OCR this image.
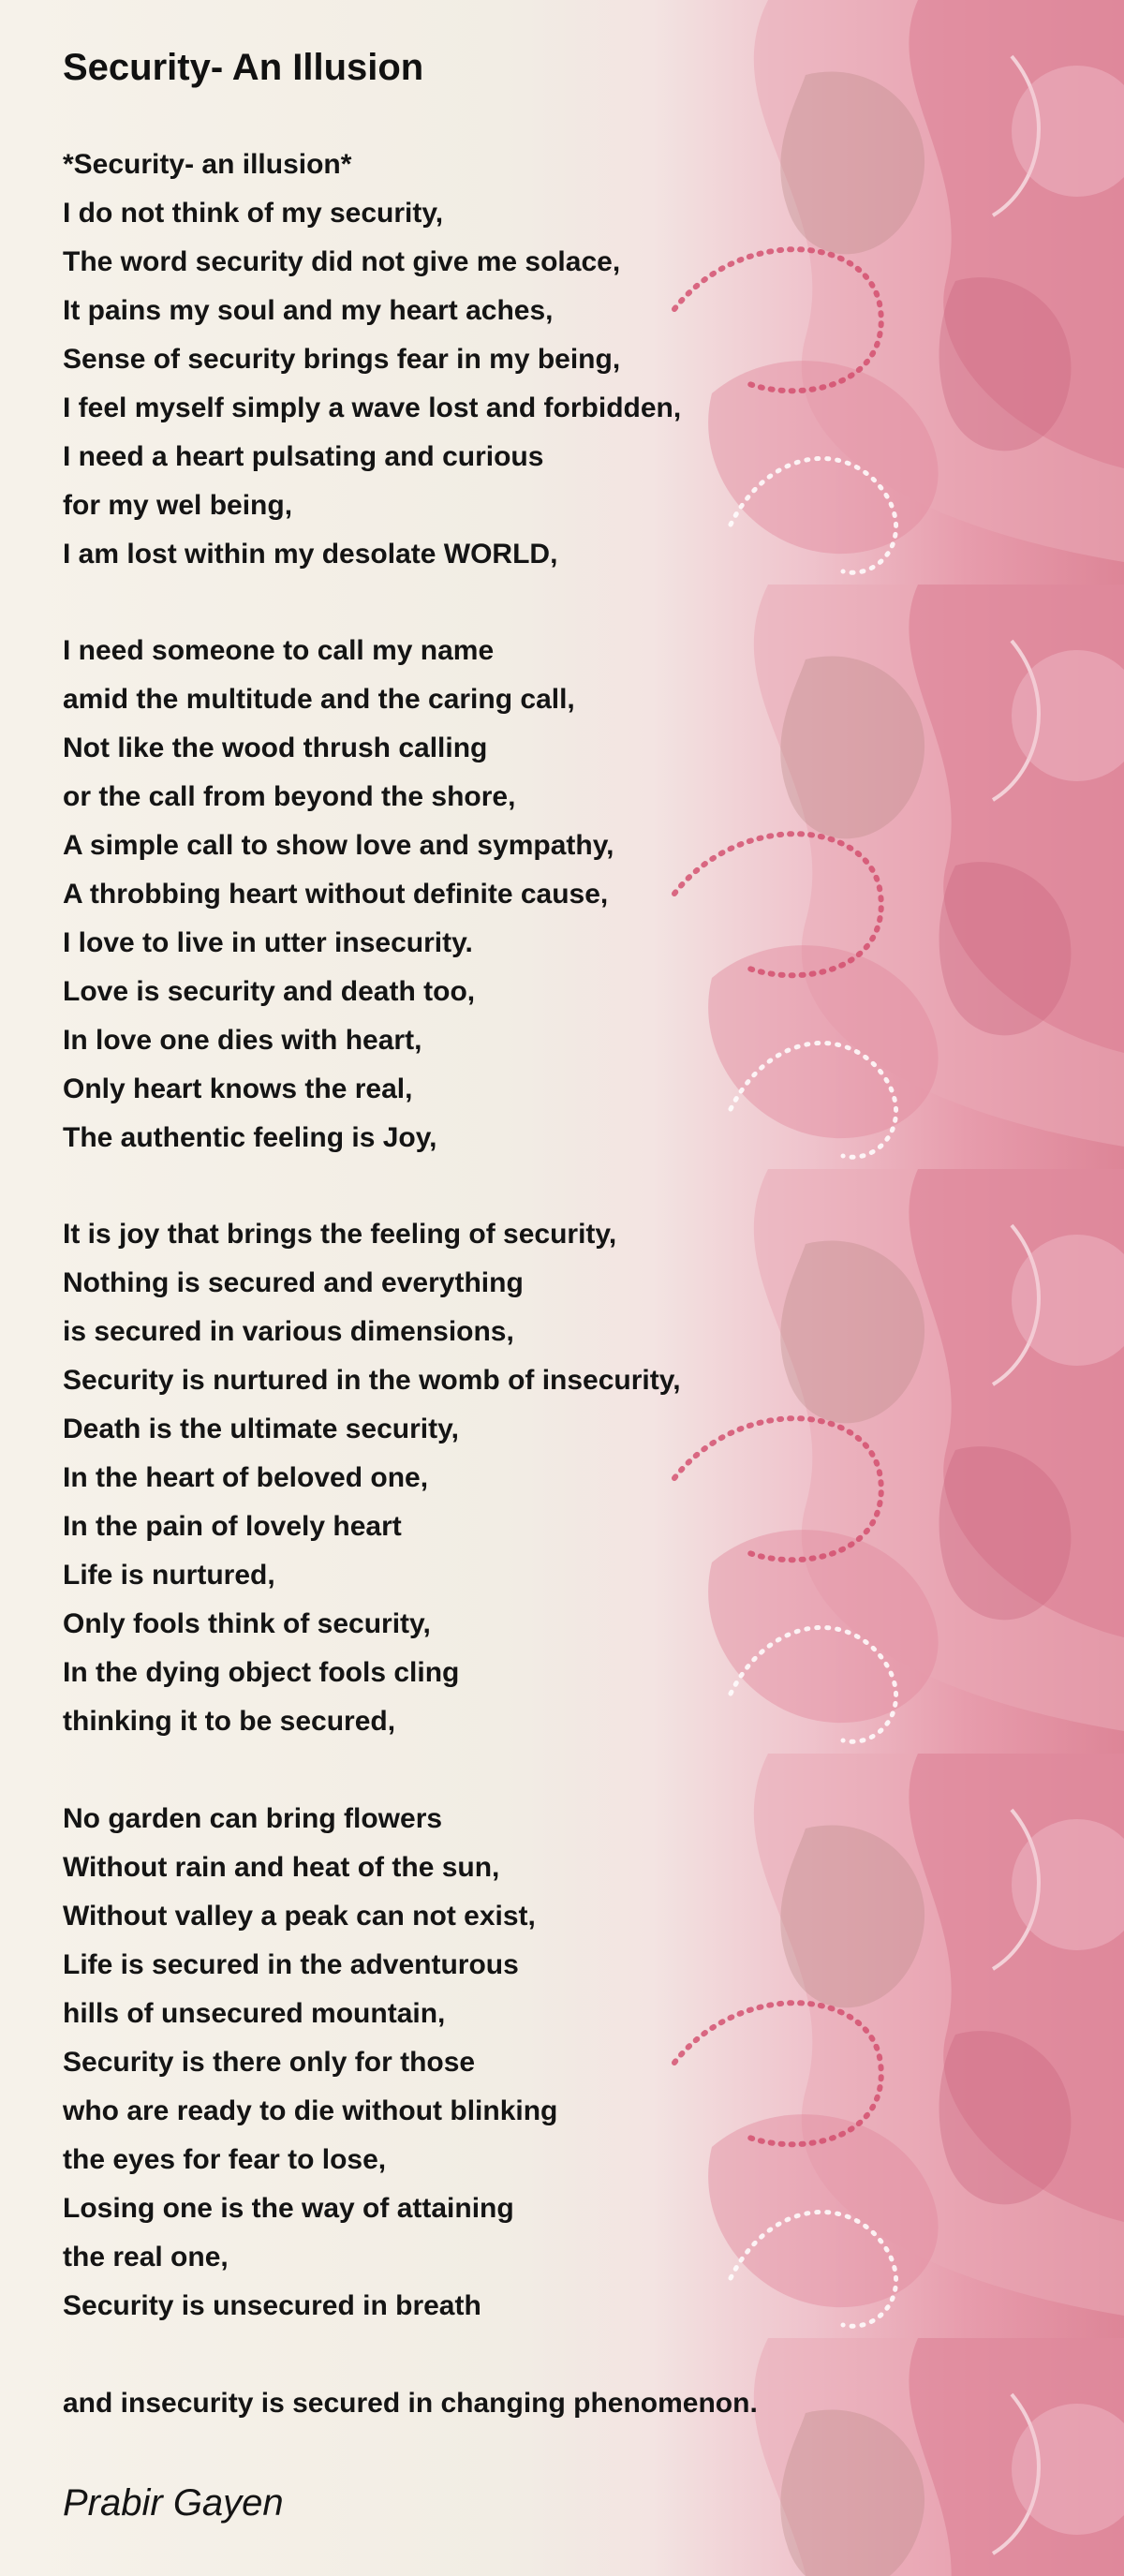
Security- An Illusion
*Security- an illusion*
I do not think of my security,
The word security did not give me solace,
It pains my soul and my heart aches,
Sense of security brings fear in my being,
I feel myself simply a wave lost and forbidden,
I need a heart pulsating and curious
for my wel being,
I am lost within my desolate WORLD,
I need someone to call my name
amid the multitude and the caring call,
Not like the wood thrush calling
or the call from beyond the shore,
A simple call to show love and sympathy,
A throbbing heart without definite cause,
I love to live in utter insecurity.
Love is security and death too,
In love one dies with heart,
Only heart knows the real,
The authentic feeling is Joy,
It is joy that brings the feeling of security,
Nothing is secured and everything
is secured in various dimensions,
Security is nurtured in the womb of insecurity,
Death is the ultimate security,
In the heart of beloved one,
In the pain of lovely heart
Life is nurtured,
Only fools think of security,
In the dying object fools cling
thinking it to be secured,
No garden can bring flowers
Without rain and heat of the sun,
Without valley a peak can not exist,
Life is secured in the adventurous
hills of unsecured mountain,
Security is there only for those
who are ready to die without blinking
the eyes for fear to lose,
Losing one is the way of attaining
the real one,
Security is unsecured in breath
and insecurity is secured in changing phenomenon.

Prabir Gayen
